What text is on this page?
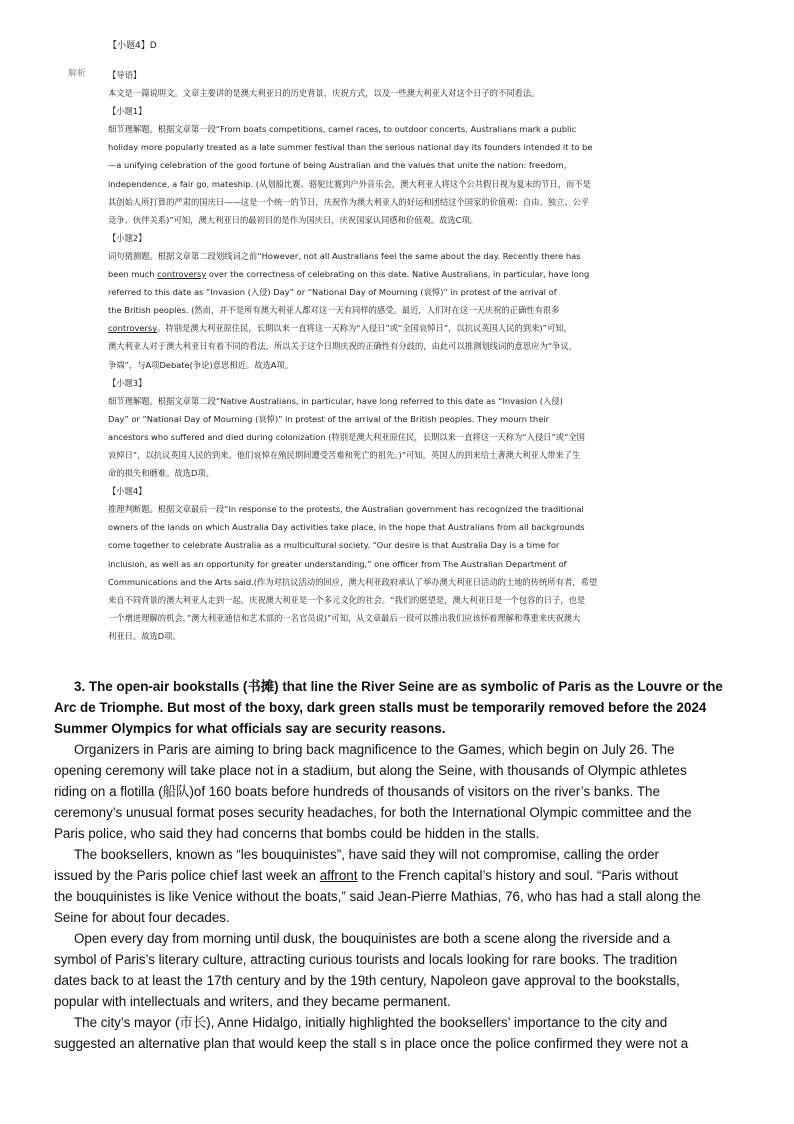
【小题4】D
解析	【导语】

本文是一篇说明文。文章主要讲的是澳大利亚日的历史背景，庆祝方式，以及一些澳大利亚人对这个日子的不同看法。

【小题1】

细节理解题。根据文章第一段“From boats competitions, camel races, to outdoor concerts, Australians mark a public

holiday more popularly treated as a late summer festival than the serious national day its founders intended it to be

—a unifying celebration of the good fortune of being Australian and the values that unite the nation: freedom,

independence, a fair go, mateship. (从划船比赛、骆驼比赛到户外音乐会，澳大利亚人将这个公共假日视为夏末的节日，而不是

其创始人所打算的严肃的国庆日——这是一个统一的节日，庆祝作为澳大利亚人的好运和团结这个国家的价值观：自由、独立、公平

竞争、伙伴关系)”可知，澳大利亚日的最初目的是作为国庆日，庆祝国家认同感和价值观。故选C项。

【小题2】

词句猜测题。根据文章第二段划线词之前“However, not all Australians feel the same about the day. Recently there has

been much controversy over the correctness of celebrating on this date. Native Australians, in particular, have long

referred to this date as “Invasion (入侵) Day” or “National Day of Mourning (哀悼)” in protest of the arrival of

the British peoples. (然而，并不是所有澳大利亚人都对这一天有同样的感受。最近，人们对在这一天庆祝的正确性有很多

controversy。特别是澳大利亚原住民，长期以来一直将这一天称为“入侵日”或“全国哀悼日”，以抗议英国人民的到来)”可知，

澳大利亚人对于澳大利亚日有着不同的看法，所以关于这个日期庆祝的正确性有分歧的，由此可以推测划线词的意思应为“争议，

争端”，与A项Debate(争论)意思相近。故选A项。

【小题3】

细节理解题。根据文章第二段“Native Australians, in particular, have long referred to this date as “Invasion (入侵)

Day” or “National Day of Mourning (哀悼)” in protest of the arrival of the British peoples. They mourn their

ancestors who suffered and died during colonization (特别是澳大利亚原住民，长期以来一直将这一天称为“入侵日”或“全国

哀悼日”，以抗议英国人民的到来。他们哀悼在殖民期间遭受苦难和死亡的祖先。)”可知，英国人的到来给土著澳大利亚人带来了生

命的损失和磨难。故选D项。

【小题4】

推理判断题。根据文章最后一段“In response to the protests, the Australian government has recognized the traditional

owners of the lands on which Australia Day activities take place, in the hope that Australians from all backgrounds

come together to celebrate Australia as a multicultural society. “Our desire is that Australia Day is a time for

inclusion, as well as an opportunity for greater understanding,” one officer from The Australian Department of

Communications and the Arts said.(作为对抗议活动的回应，澳大利亚政府承认了举办澳大利亚日活动的土地的传统所有者，希望

来自不同背景的澳大利亚人走到一起，庆祝澳大利亚是一个多元文化的社会。“我们的愿望是，澳大利亚日是一个包容的日子，也是

一个增进理解的机会，”澳大利亚通信和艺术部的一名官员说)”可知，从文章最后一段可以推出我们应该怀着理解和尊重来庆祝澳大

利亚日。故选D项。

3. The open-air bookstalls (书摊) that line the River Seine are as symbolic of Paris as the Louvre or the

Arc de Triomphe. But most of the boxy, dark green stalls must be temporarily removed before the 2024

Summer Olympics for what officials say are security reasons.

Organizers in Paris are aiming to bring back magnificence to the Games, which begin on July 26. The

opening ceremony will take place not in a stadium, but along the Seine, with thousands of Olympic athletes

riding on a flotilla (船队)of 160 boats before hundreds of thousands of visitors on the river’s banks. The

ceremony’s unusual format poses security headaches, for both the International Olympic committee and the

Paris police, who said they had concerns that bombs could be hidden in the stalls.

The booksellers, known as “les bouquinistes”, have said they will not compromise, calling the order

issued by the Paris police chief last week an affront to the French capital’s history and soul. “Paris without

the bouquinistes is like Venice without the boats,” said Jean-Pierre Mathias, 76, who has had a stall along the

Seine for about four decades.

Open every day from morning until dusk, the bouquinistes are both a scene along the riverside and a

symbol of Paris’s literary culture, attracting curious tourists and locals looking for rare books. The tradition

dates back to at least the 17th century and by the 19th century, Napoleon gave approval to the bookstalls,

popular with intellectuals and writers, and they became permanent.

The city’s mayor (市长), Anne Hidalgo, initially highlighted the booksellers’ importance to the city and

suggested an alternative plan that would keep the stall s in place once the police confirmed they were not a
